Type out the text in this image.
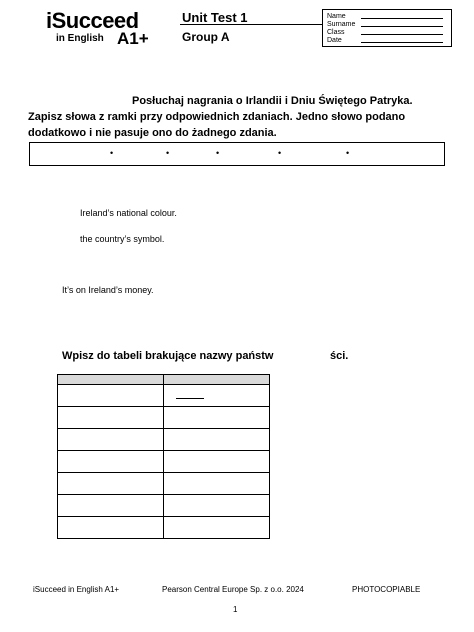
iSucceed
in English A1+
Unit Test 1
Group A
Name
Surname
Class
Date
Posłuchaj nagrania o Irlandii i Dniu Świętego Patryka.
Zapisz słowa z ramki przy odpowiednich zdaniach. Jedno słowo podano
dodatkowo i nie pasuje ono do żadnego zdania.
•	•	•	•	•
Ireland’s national colour.
the country’s symbol.
It’s on Ireland’s money.
Wpisz do tabeli brakujące nazwy państw	ści.

iSucceed in English A1+	Pearson Central Europe Sp. z o.o. 2024	PHOTOCOPIABLE
1
